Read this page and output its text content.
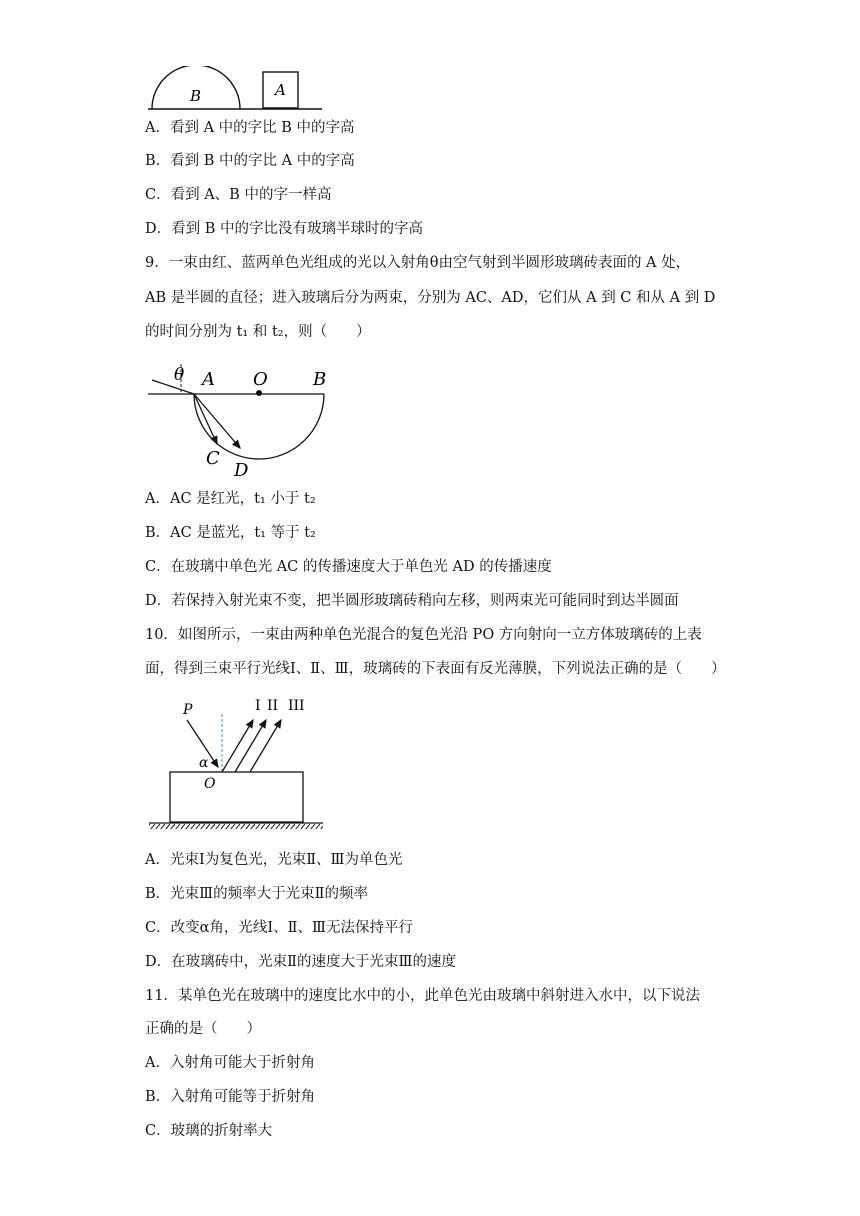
B	A
A．看到 A 中的字比 B 中的字高
B．看到 B 中的字比 A 中的字高
C．看到 A、B 中的字一样高
D．看到 B 中的字比没有玻璃半球时的字高
9．一束由红、蓝两单色光组成的光以入射角θ由空气射到半圆形玻璃砖表面的 A 处，
AB 是半圆的直径；进入玻璃后分为两束，分别为 AC、AD，它们从 A 到 C 和从 A 到 D
的时间分别为 t₁ 和 t₂，则（　　）
θ A O	B
C
D
A．AC 是红光，t₁ 小于 t₂
B．AC 是蓝光，t₁ 等于 t₂
C．在玻璃中单色光 AC 的传播速度大于单色光 AD 的传播速度
D．若保持入射光束不变，把半圆形玻璃砖稍向左移，则两束光可能同时到达半圆面
10．如图所示，一束由两种单色光混合的复色光沿 PO 方向射向一立方体玻璃砖的上表
面，得到三束平行光线Ⅰ、Ⅱ、Ⅲ，玻璃砖的下表面有反光薄膜，下列说法正确的是（　　）
P
α
O
I II III
A．光束Ⅰ为复色光，光束Ⅱ、Ⅲ为单色光
B．光束Ⅲ的频率大于光束Ⅱ的频率
C．改变α角，光线Ⅰ、Ⅱ、Ⅲ无法保持平行
D．在玻璃砖中，光束Ⅱ的速度大于光束Ⅲ的速度
11．某单色光在玻璃中的速度比水中的小，此单色光由玻璃中斜射进入水中，以下说法
正确的是（　　）
A．入射角可能大于折射角
B．入射角可能等于折射角
C．玻璃的折射率大
